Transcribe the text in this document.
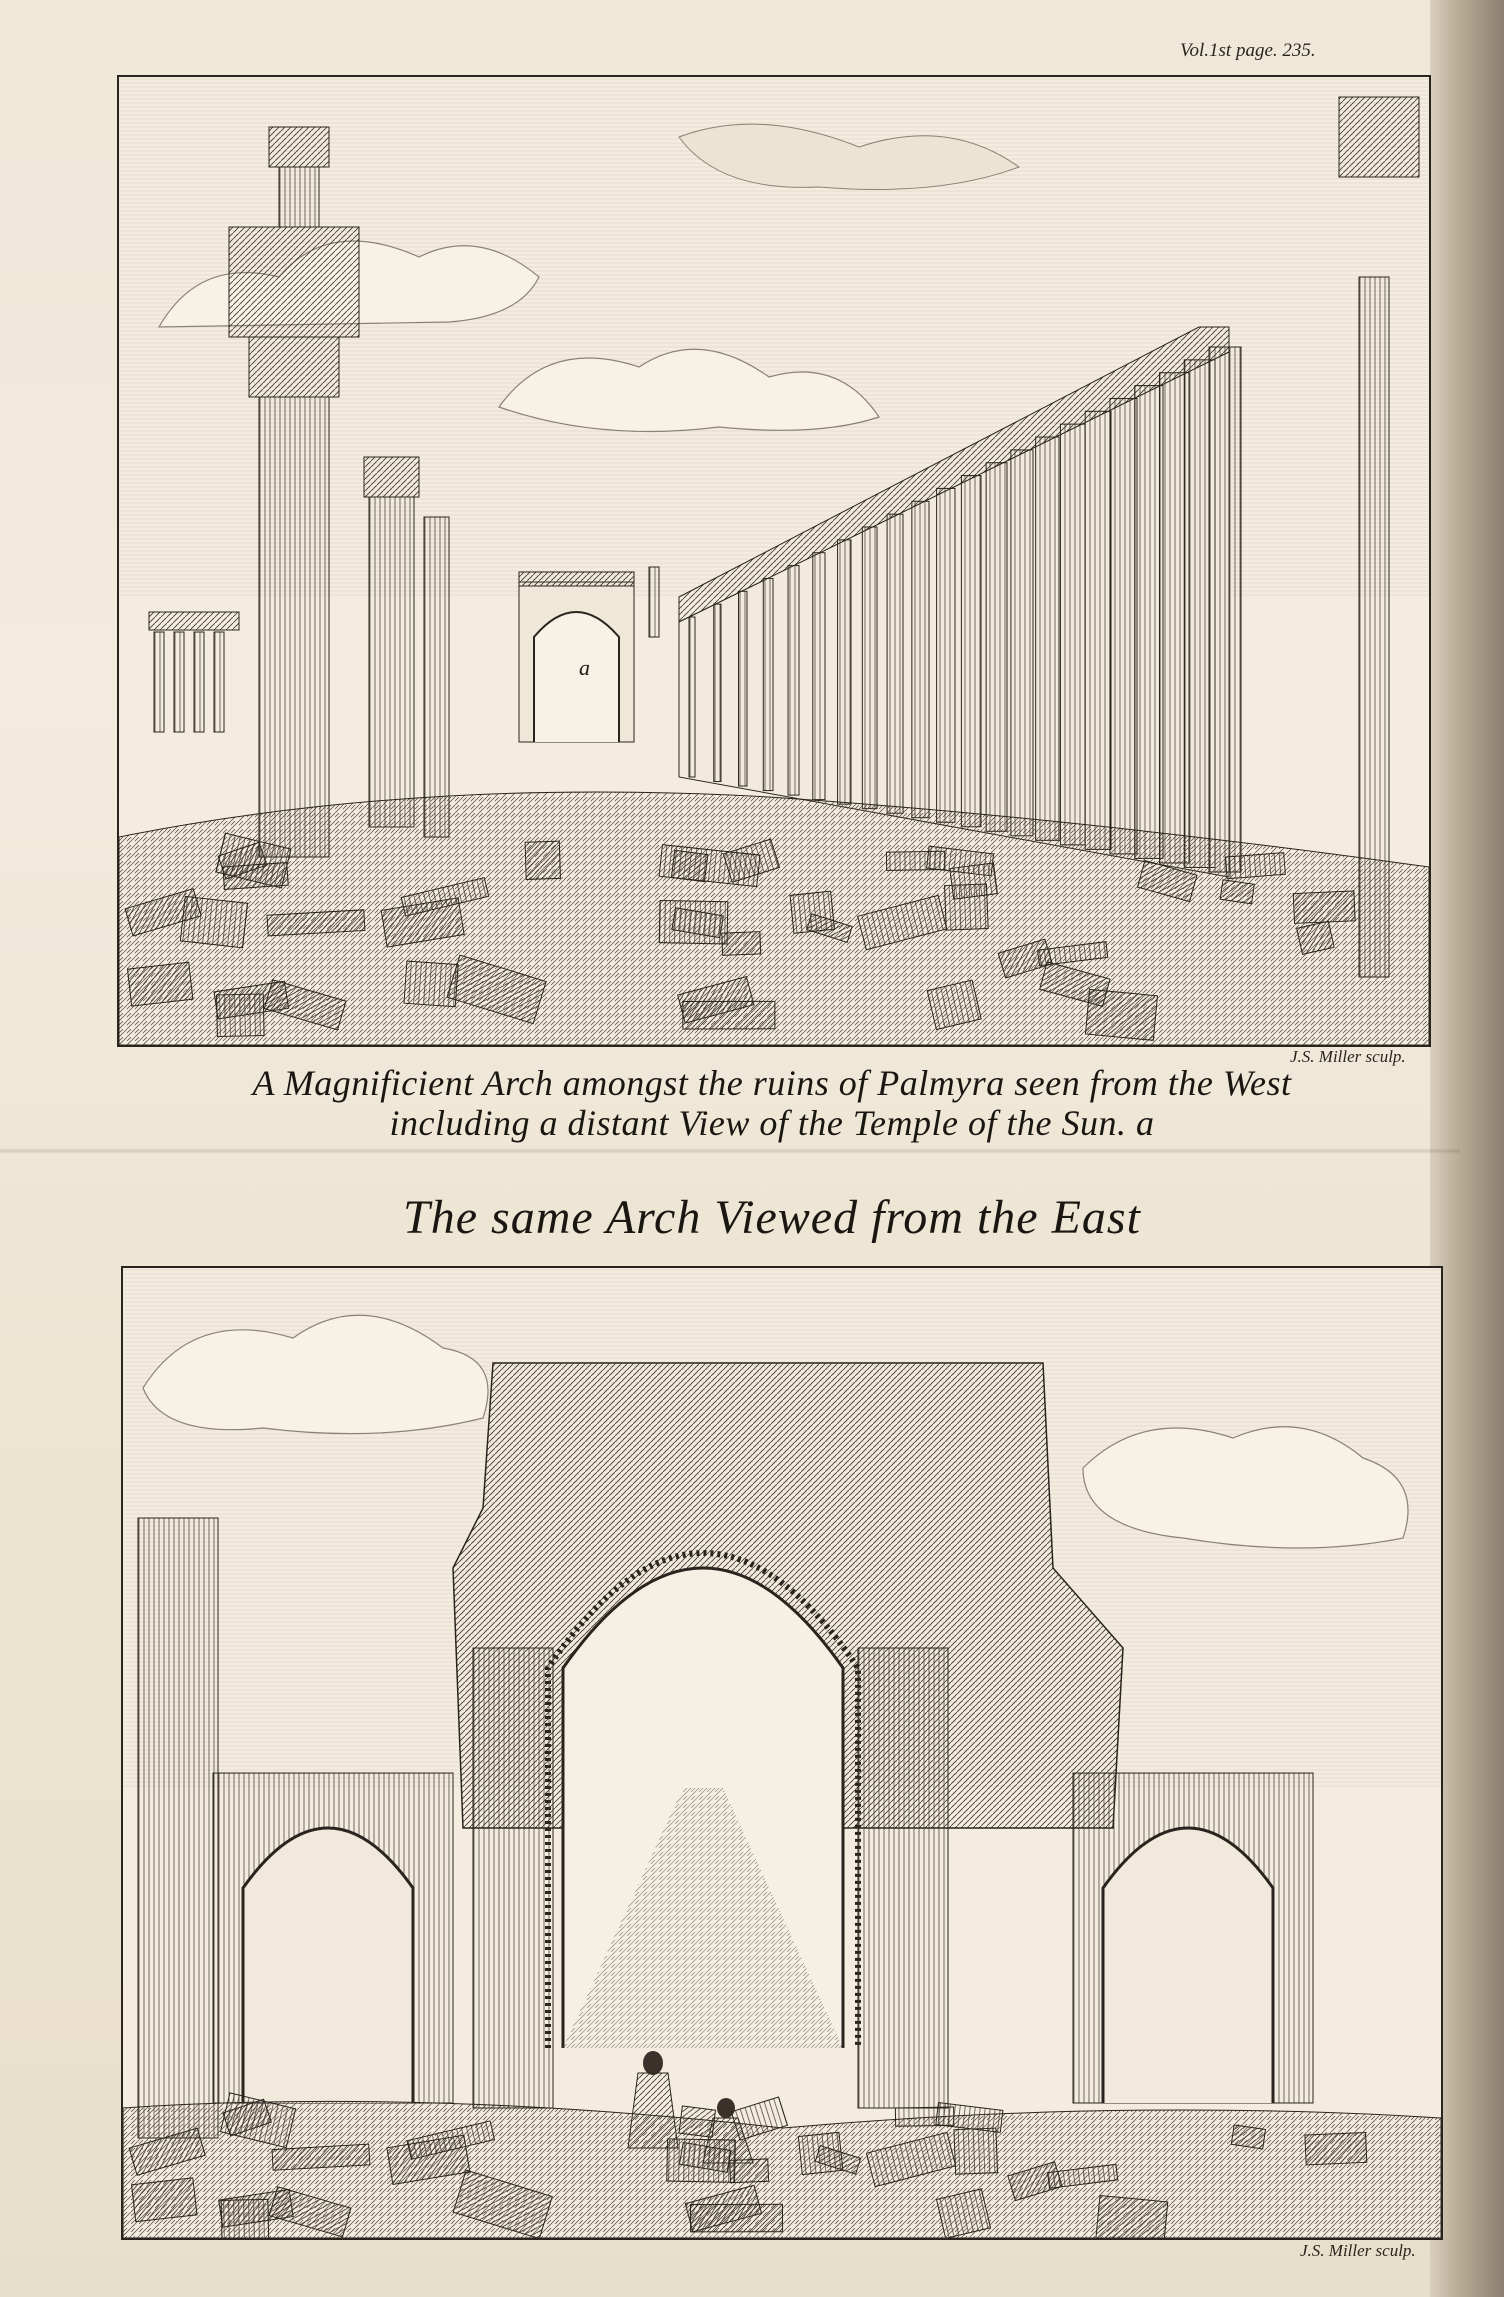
Vol.1st page. 235.
a
J.S. Miller sculp.
A Magnificient Arch amongst the ruins of Palmyra seen from the West
including a distant View of the Temple of the Sun. a
The same Arch Viewed from the East
J.S. Miller sculp.
